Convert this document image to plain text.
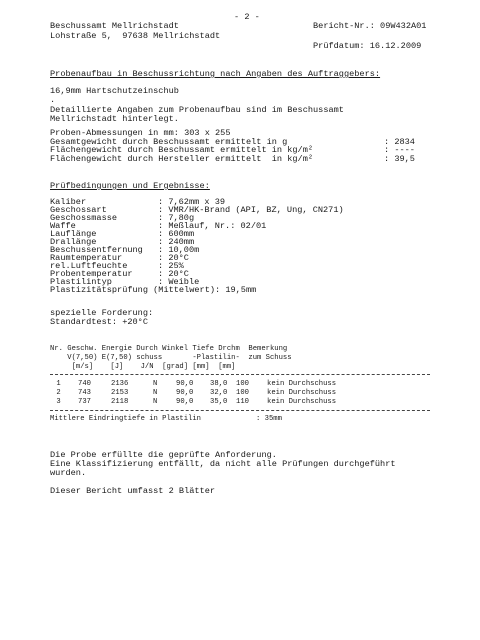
- 2 -
Beschussamt Mellrichstadt
Lohstraße 5,  97638 Mellrichstadt
Bericht-Nr.: 09W432A01
Prüfdatum: 16.12.2009
Probenaufbau in Beschussrichtung nach Angaben des Auftraggebers:
16,9mm Hartschutzeinschub
.
Detaillierte Angaben zum Probenaufbau sind im Beschussamt
Mellrichstadt hinterlegt.
Proben-Abmessungen in mm: 303 x 255
Gesamtgewicht durch Beschussamt ermittelt in g	: 2834
Flächengewicht durch Beschussamt ermittelt in kg/m²	: ----
Flächengewicht durch Hersteller ermittelt  in kg/m²	: 39,5
Prüfbedingungen und Ergebnisse:
Kaliber	: 7,62mm x 39
Geschossart	: VMR/HK-Brand (API, BZ, Ung, CN271)
Geschossmasse	: 7,80g
Waffe	: Meßlauf, Nr.: 02/01
Lauflänge	: 600mm
Drallänge	: 240mm
Beschussentfernung : 10,00m
Raumtemperatur	: 20°C
rel.Luftfeuchte	: 25%
Probentemperatur	: 20°C
Plastilintyp	: Weible
Plastizitätsprüfung (Mittelwert): 19,5mm
spezielle Forderung:
Standardtest: +20°C
Nr. Geschw. Energie Durch Winkel Tiefe Drchm  Bemerkung
V(7,50) E(7,50) schuss       -Plastilin-  zum Schuss
[m/s]    [J]    J/N  [grad] [mm]  [mm]
1 740	2136	N	90,0 38,0 100	kein Durchschuss
2 743	2153	N	90,0 32,0 100	kein Durchschuss
3 737	2118	N	90,0 35,0 110	kein Durchschuss
Mittlere Eindringtiefe in Plastilin	: 35mm
Die Probe erfüllte die geprüfte Anforderung.
Eine Klassifizierung entfällt, da nicht alle Prüfungen durchgeführt
wurden.
Dieser Bericht umfasst 2 Blätter
